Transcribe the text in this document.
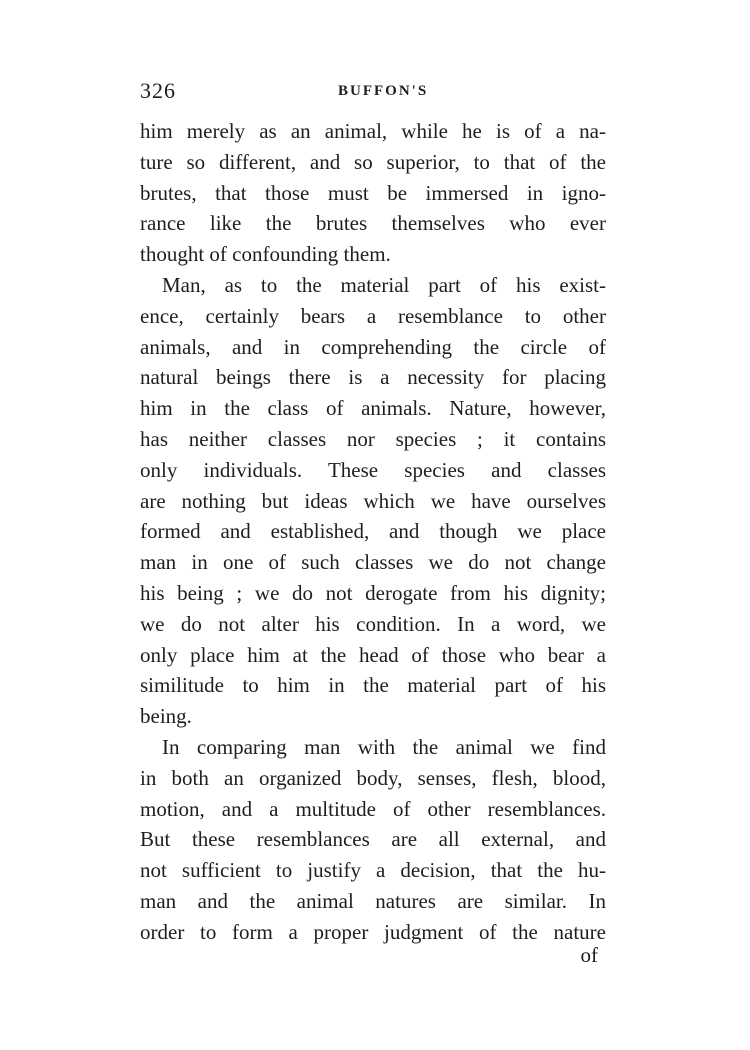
326	BUFFON'S
him merely as an animal, while he is of a na-
ture so different, and so superior, to that of the
brutes, that those must be immersed in igno-
rance like the brutes themselves who ever
thought of confounding them.
Man, as to the material part of his exist-
ence, certainly bears a resemblance to other
animals, and in comprehending the circle of
natural beings there is a necessity for placing
him in the class of animals. Nature, however,
has neither classes nor species ; it contains
only individuals. These species and classes
are nothing but ideas which we have ourselves
formed and established, and though we place
man in one of such classes we do not change
his being ; we do not derogate from his dignity;
we do not alter his condition. In a word, we
only place him at the head of those who bear a
similitude to him in the material part of his
being.
In comparing man with the animal we find
in both an organized body, senses, flesh, blood,
motion, and a multitude of other resemblances.
But these resemblances are all external, and
not sufficient to justify a decision, that the hu-
man and the animal natures are similar. In
order to form a proper judgment of the nature
of
